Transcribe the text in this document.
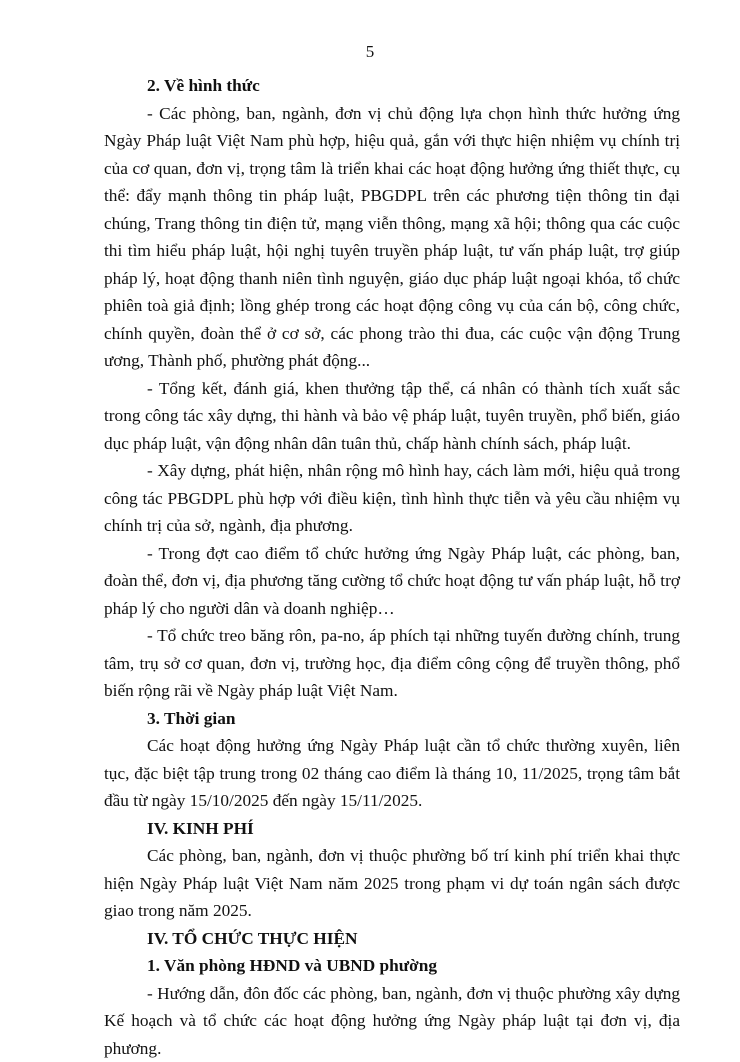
5

2. Về hình thức

- Các phòng, ban, ngành, đơn vị chủ động lựa chọn hình thức hưởng ứng Ngày Pháp luật Việt Nam phù hợp, hiệu quả, gắn với thực hiện nhiệm vụ chính trị của cơ quan, đơn vị, trọng tâm là triển khai các hoạt động hưởng ứng thiết thực, cụ thể: đẩy mạnh thông tin pháp luật, PBGDPL trên các phương tiện thông tin đại chúng, Trang thông tin điện tử, mạng viễn thông, mạng xã hội; thông qua các cuộc thi tìm hiểu pháp luật, hội nghị tuyên truyền pháp luật, tư vấn pháp luật, trợ giúp pháp lý, hoạt động thanh niên tình nguyện, giáo dục pháp luật ngoại khóa, tổ chức phiên toà giả định; lồng ghép trong các hoạt động công vụ của cán bộ, công chức, chính quyền, đoàn thể ở cơ sở, các phong trào thi đua, các cuộc vận động Trung ương, Thành phố, phường phát động...

- Tổng kết, đánh giá, khen thưởng tập thể, cá nhân có thành tích xuất sắc trong công tác xây dựng, thi hành và bảo vệ pháp luật, tuyên truyền, phổ biến, giáo dục pháp luật, vận động nhân dân tuân thủ, chấp hành chính sách, pháp luật.

- Xây dựng, phát hiện, nhân rộng mô hình hay, cách làm mới, hiệu quả trong công tác PBGDPL phù hợp với điều kiện, tình hình thực tiễn và yêu cầu nhiệm vụ chính trị của sở, ngành, địa phương.

- Trong đợt cao điểm tổ chức hưởng ứng Ngày Pháp luật, các phòng, ban, đoàn thể, đơn vị, địa phương tăng cường tổ chức hoạt động tư vấn pháp luật, hỗ trợ pháp lý cho người dân và doanh nghiệp…

- Tổ chức treo băng rôn, pa-no, áp phích tại những tuyến đường chính, trung tâm, trụ sở cơ quan, đơn vị, trường học, địa điểm công cộng để truyền thông, phổ biến rộng rãi về Ngày pháp luật Việt Nam.

3. Thời gian

Các hoạt động hưởng ứng Ngày Pháp luật cần tổ chức thường xuyên, liên tục, đặc biệt tập trung trong 02 tháng cao điểm là tháng 10, 11/2025, trọng tâm bắt đầu từ ngày 15/10/2025 đến ngày 15/11/2025.

IV. KINH PHÍ

Các phòng, ban, ngành, đơn vị thuộc phường bố trí kinh phí triển khai thực hiện Ngày Pháp luật Việt Nam năm 2025 trong phạm vi dự toán ngân sách được giao trong năm 2025.

IV. TỔ CHỨC THỰC HIỆN

1. Văn phòng HĐND và UBND phường

- Hướng dẫn, đôn đốc các phòng, ban, ngành, đơn vị thuộc phường xây dựng Kế hoạch và tổ chức các hoạt động hưởng ứng Ngày pháp luật tại đơn vị, địa phương.
